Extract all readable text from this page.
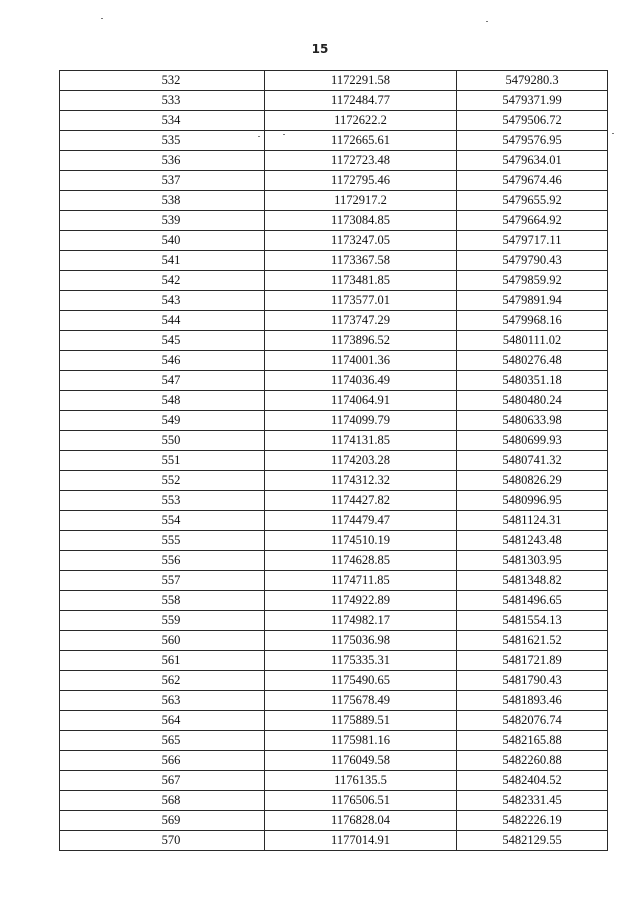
15
532	1172291.58	5479280.3
533	1172484.77	5479371.99
534	1172622.2	5479506.72
535	1172665.61	5479576.95
536	1172723.48	5479634.01
537	1172795.46	5479674.46
538	1172917.2	5479655.92
539	1173084.85	5479664.92
540	1173247.05	5479717.11
541	1173367.58	5479790.43
542	1173481.85	5479859.92
543	1173577.01	5479891.94
544	1173747.29	5479968.16
545	1173896.52	5480111.02
546	1174001.36	5480276.48
547	1174036.49	5480351.18
548	1174064.91	5480480.24
549	1174099.79	5480633.98
550	1174131.85	5480699.93
551	1174203.28	5480741.32
552	1174312.32	5480826.29
553	1174427.82	5480996.95
554	1174479.47	5481124.31
555	1174510.19	5481243.48
556	1174628.85	5481303.95
557	1174711.85	5481348.82
558	1174922.89	5481496.65
559	1174982.17	5481554.13
560	1175036.98	5481621.52
561	1175335.31	5481721.89
562	1175490.65	5481790.43
563	1175678.49	5481893.46
564	1175889.51	5482076.74
565	1175981.16	5482165.88
566	1176049.58	5482260.88
567	1176135.5	5482404.52
568	1176506.51	5482331.45
569	1176828.04	5482226.19
570	1177014.91	5482129.55
